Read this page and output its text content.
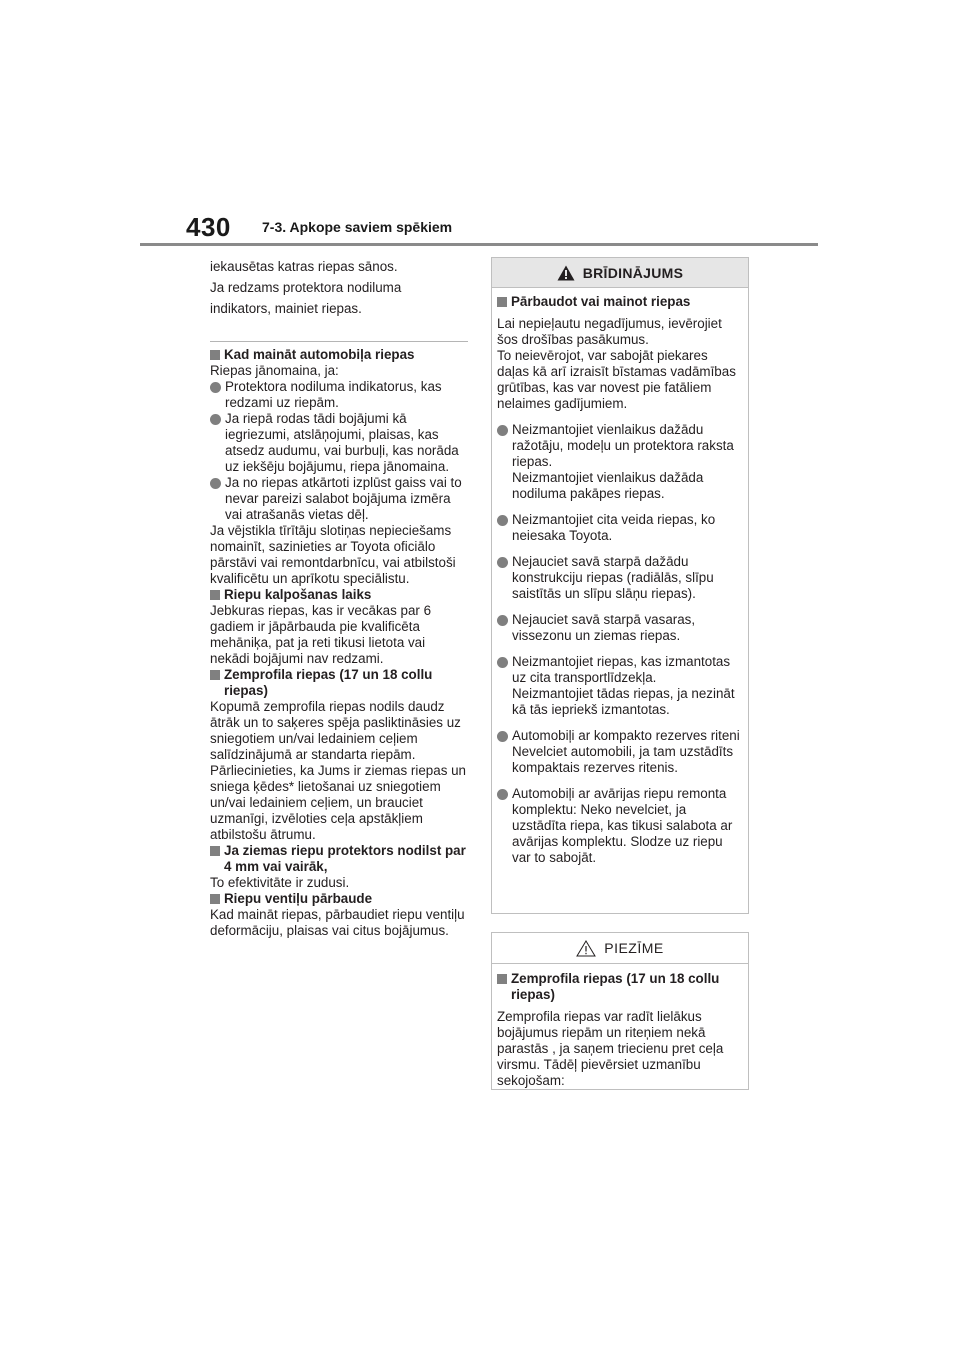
430 7-3. Apkope saviem spēkiem

iekausētas katras riepas sānos.

Ja redzams protektora nodiluma

indikators, mainiet riepas.

Kad maināt automobiļa riepas

Riepas jānomaina, ja:

Protektora nodiluma indikatorus, kas redzami uz riepām.

Ja riepā rodas tādi bojājumi kā iegriezumi, atslāņojumi, plaisas, kas atsedz audumu, vai burbuļi, kas norāda uz iekšēju bojājumu, riepa jānomaina.

Ja no riepas atkārtoti izplūst gaiss vai to nevar pareizi salabot bojājuma izmēra vai atrašanās vietas dēļ.

Ja vējstikla tīrītāju slotiņas nepieciešams nomainīt, sazinieties ar Toyota oficiālo pārstāvi vai remontdarbnīcu, vai atbilstoši kvalificētu un aprīkotu speciālistu.

Riepu kalpošanas laiks

Jebkuras riepas, kas ir vecākas par 6 gadiem ir jāpārbauda pie kvalificēta mehāniķa, pat ja reti tikusi lietota vai nekādi bojājumi nav redzami.

Zemprofila riepas (17 un 18 collu riepas)

Kopumā zemprofila riepas nodils daudz ātrāk un to saķeres spēja pasliktināsies uz sniegotiem un/vai ledainiem ceļiem salīdzinājumā ar standarta riepām. Pārliecinieties, ka Jums ir ziemas riepas un sniega ķēdes* lietošanai uz sniegotiem un/vai ledainiem ceļiem, un brauciet uzmanīgi, izvēloties ceļa apstākļiem atbilstošu ātrumu.

Ja ziemas riepu protektors nodilst par 4 mm vai vairāk,

To efektivitāte ir zudusi.

Riepu ventiļu pārbaude

Kad maināt riepas, pārbaudiet riepu ventiļu deformāciju, plaisas vai citus bojājumus.

BRĪDINĀJUMS

Pārbaudot vai mainot riepas

Lai nepieļautu negadījumus, ievērojiet šos drošības pasākumus.

To neievērojot, var sabojāt piekares daļas kā arī izraisīt bīstamas vadāmības grūtības, kas var novest pie fatāliem nelaimes gadījumiem.

Neizmantojiet vienlaikus dažādu ražotāju, modeļu un protektora raksta riepas.
Neizmantojiet vienlaikus dažāda nodiluma pakāpes riepas.

Neizmantojiet cita veida riepas, ko neiesaka Toyota.

Nejauciet savā starpā dažādu konstrukciju riepas (radiālās, slīpu saistītās un slīpu slāņu riepas).

Nejauciet savā starpā vasaras, vissezonu un ziemas riepas.

Neizmantojiet riepas, kas izmantotas uz cita transportlīdzekļa.
Neizmantojiet tādas riepas, ja nezināt kā tās iepriekš izmantotas.

Automobiļi ar kompakto rezerves riteni Nevelciet automobili, ja tam uzstādīts kompaktais rezerves ritenis.

Automobiļi ar avārijas riepu remonta komplektu: Neko nevelciet, ja uzstādīta riepa, kas tikusi salabota ar avārijas komplektu. Slodze uz riepu var to sabojāt.

PIEZĪME

Zemprofila riepas (17 un 18 collu riepas)

Zemprofila riepas var radīt lielākus bojājumus riepām un riteņiem nekā parastās , ja saņem triecienu pret ceļa virsmu. Tādēļ pievērsiet uzmanību sekojošam:
